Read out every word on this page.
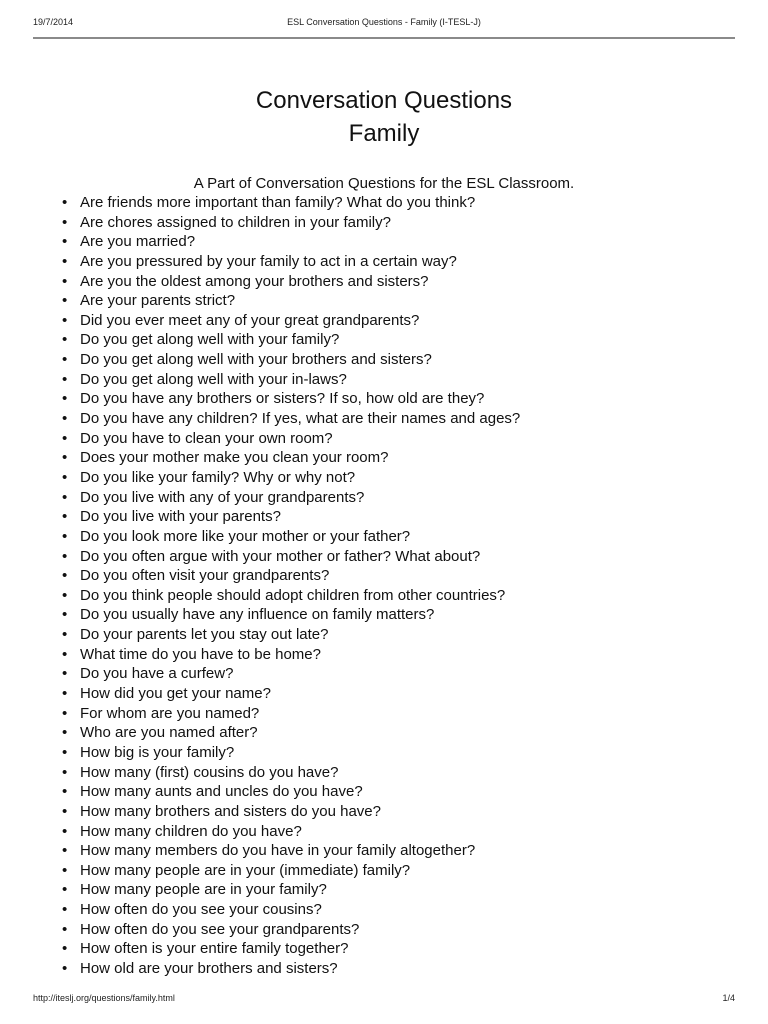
19/7/2014	ESL Conversation Questions - Family (I-TESL-J)
Conversation Questions
Family

A Part of Conversation Questions for the ESL Classroom.

• Are friends more important than family? What do you think?
• Are chores assigned to children in your family?
• Are you married?
• Are you pressured by your family to act in a certain way?
• Are you the oldest among your brothers and sisters?
• Are your parents strict?
• Did you ever meet any of your great grandparents?
• Do you get along well with your family?
• Do you get along well with your brothers and sisters?
• Do you get along well with your in-laws?
• Do you have any brothers or sisters? If so, how old are they?
• Do you have any children? If yes, what are their names and ages?
• Do you have to clean your own room?
• Does your mother make you clean your room?
• Do you like your family? Why or why not?
• Do you live with any of your grandparents?
• Do you live with your parents?
• Do you look more like your mother or your father?
• Do you often argue with your mother or father? What about?
• Do you often visit your grandparents?
• Do you think people should adopt children from other countries?
• Do you usually have any influence on family matters?
• Do your parents let you stay out late?
• What time do you have to be home?
• Do you have a curfew?
• How did you get your name?
• For whom are you named?
• Who are you named after?
• How big is your family?
• How many (first) cousins do you have?
• How many aunts and uncles do you have?
• How many brothers and sisters do you have?
• How many children do you have?
• How many members do you have in your family altogether?
• How many people are in your (immediate) family?
• How many people are in your family?
• How often do you see your cousins?
• How often do you see your grandparents?
• How often is your entire family together?
• How old are your brothers and sisters?
http://iteslj.org/questions/family.html	1/4
